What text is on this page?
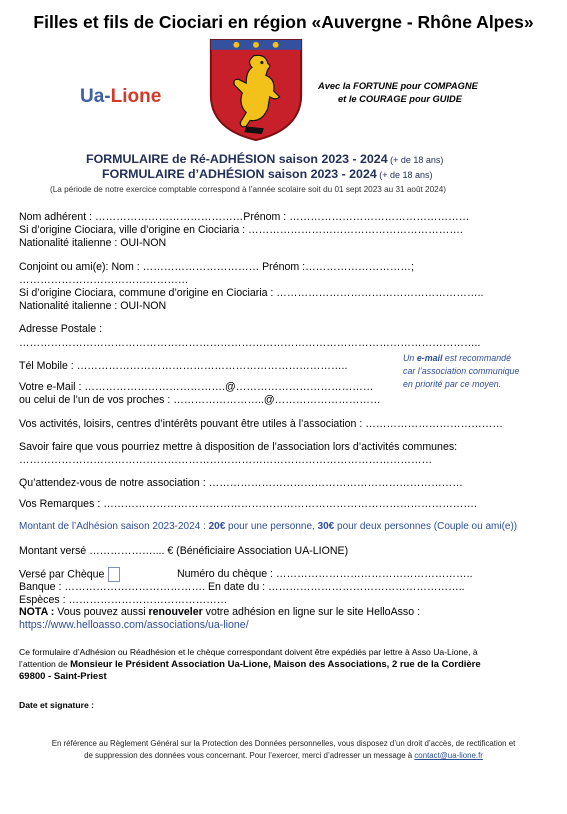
Filles et fils de Ciociari en région «Auvergne - Rhône Alpes»
Ua-Lione	Avec la FORTUNE pour COMPAGNE
et le COURAGE pour GUIDE
FORMULAIRE de Ré-ADHÉSION saison 2023 - 2024 (+ de 18 ans)
FORMULAIRE d’ADHÉSION saison 2023 - 2024 (+ de 18 ans)
(La période de notre exercice comptable correspond à l’année scolaire soit du 01 sept 2023 au 31 août 2024)
Nom adhérent : ……………………………………Prénom : ……………………………………………
Si d’origine Ciociara, ville d’origine en Ciociaria : …………………………………………………….
Nationalité italienne : OUI-NON
Conjoint ou ami(e): Nom : …………………………… Prénom :…………………………;
…………………………………………
Si d’origine Ciociara, commune d’origine en Ciociaria : …………………………………………………..
Nationalité italienne : OUI-NON
Adresse Postale :
…………………………………………………………………………………………………………………..
Tél Mobile : …………………………………………………………………..
Un e-mail est recommandé
car l’association communique
en priorité par ce moyen.
Votre e-Mail : ………………………………….@…………………………………
ou celui de l’un de vos proches : ……………………..@…………………………
Vos activités, loisirs, centres d’intérêts pouvant être utiles à l’association : …………………………………
Savoir faire que vous pourriez mettre à disposition de l’association lors d’activités communes:
………………………………………………………………………………………………………
Qu’attendez-vous de notre association : ………………………………………………………………
Vos Remarques : …………………………………………………………………………………………….
Montant de l’Adhésion saison 2023-2024 : 20€ pour une personne, 30€ pour deux personnes (Couple ou ami(e))
Montant versé ……………….... € (Bénéficiaire Association UA-LIONE)
Versé par Chèque	Numéro du chèque : ………………………………………………..
Banque : …………………………………. En date du : ………………………………………………..
Espèces : ………………………………………
NOTA : Vous pouvez aussi renouveler votre adhésion en ligne sur le site HelloAsso :
https://www.helloasso.com/associations/ua-lione/
Ce formulaire d’Adhésion ou Réadhésion et le chèque correspondant doivent être expédiés par lettre à Asso Ua-Lione, à
l’attention de Monsieur le Président Association Ua-Lione, Maison des Associations, 2 rue de la Cordière
69800 - Saint-Priest
Date et signature :
En référence au Règlement Général sur la Protection des Données personnelles, vous disposez d’un droit d’accès, de rectification et
de suppression des données vous concernant. Pour l’exercer, merci d’adresser un message à contact@ua-lione.fr
